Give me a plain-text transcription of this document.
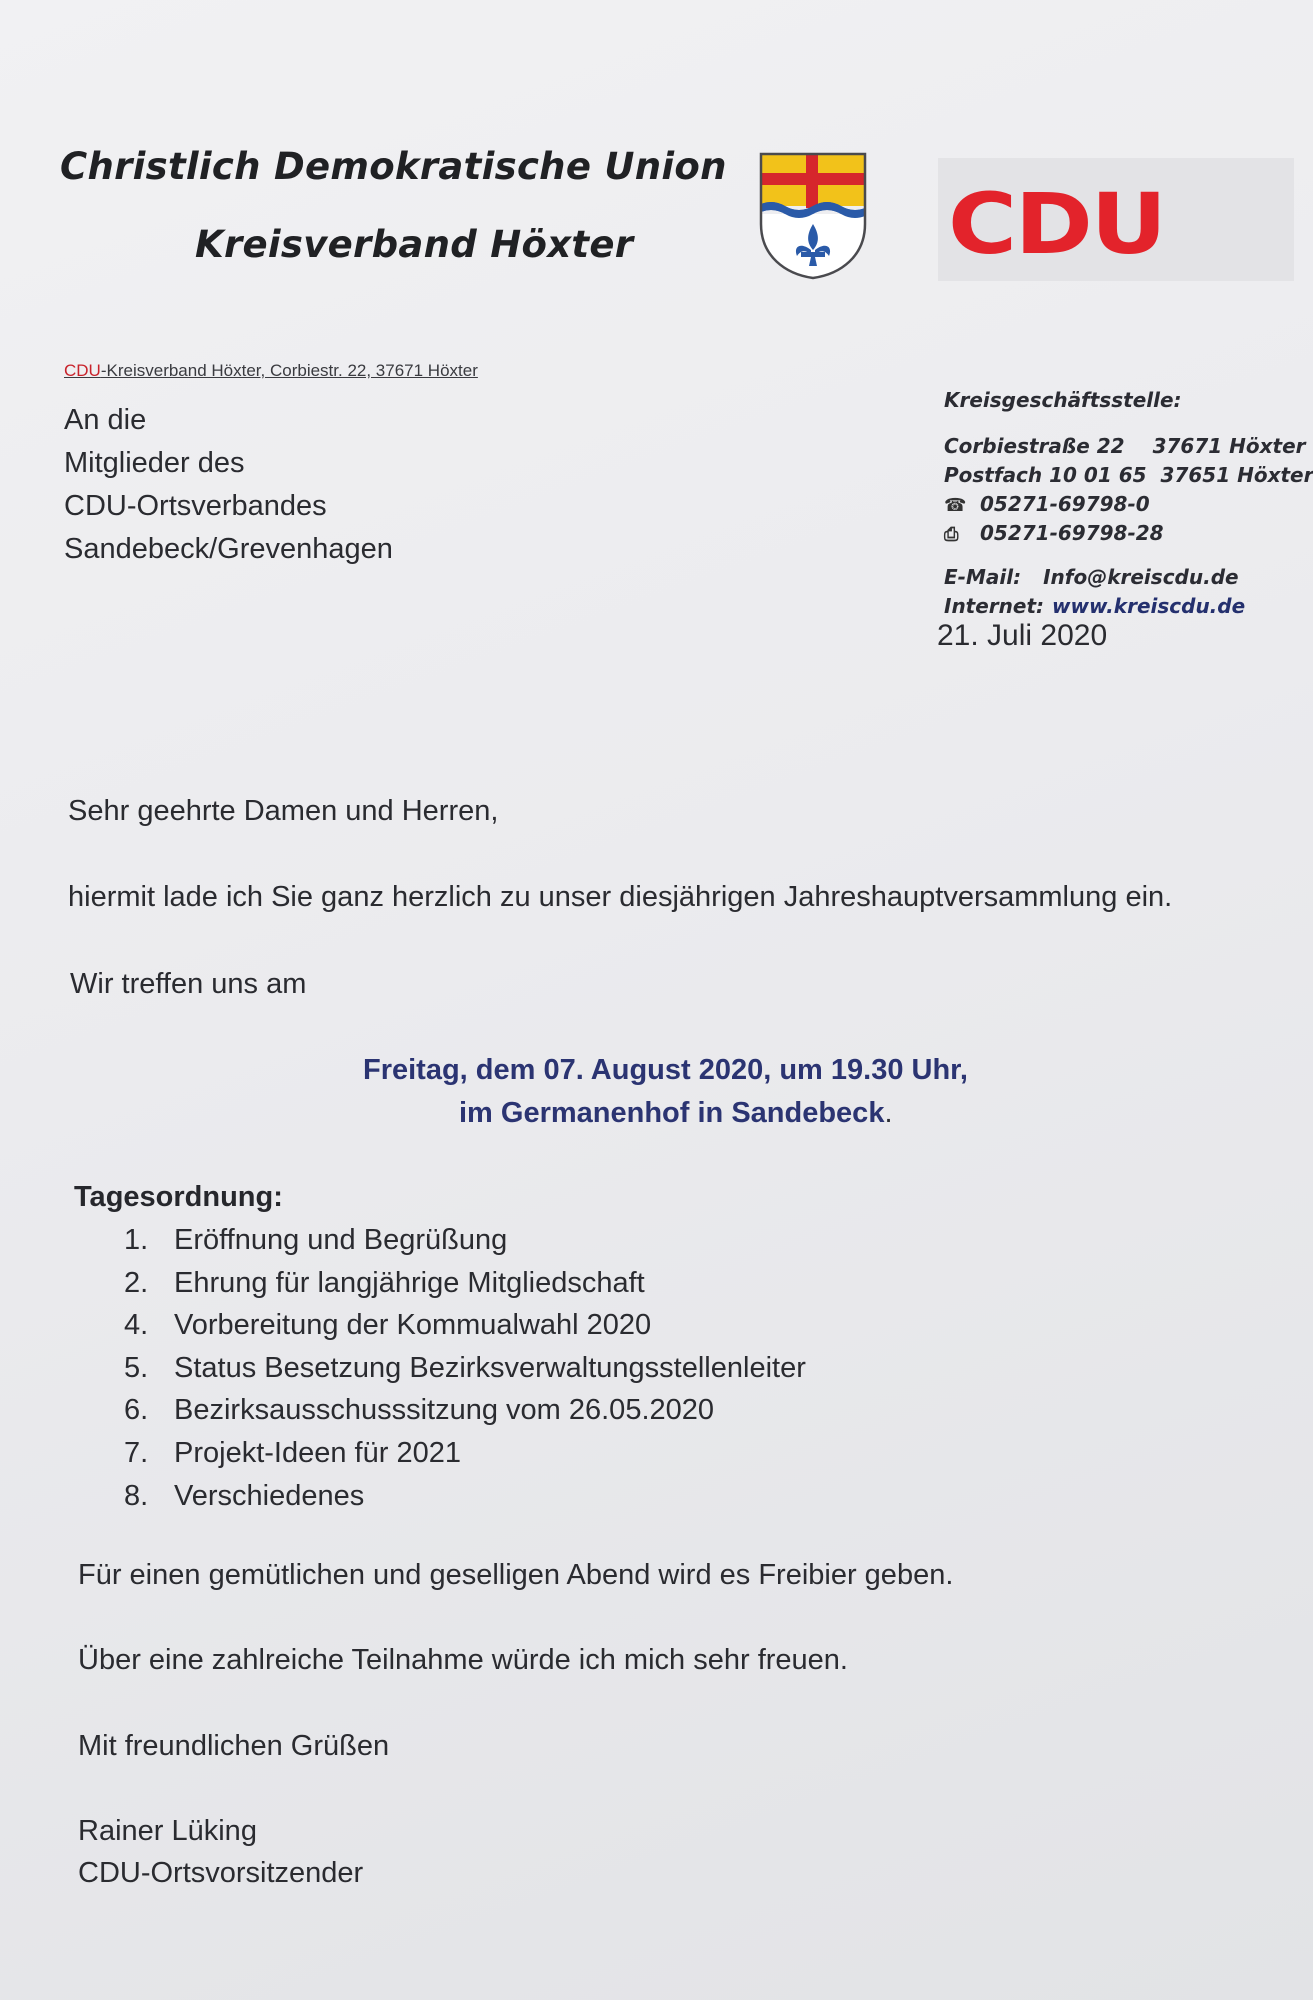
Christlich Demokratische Union
Kreisverband Höxter	CDU
CDU-Kreisverband Höxter, Corbiestr. 22, 37671 Höxter
An die
Mitglieder des
CDU-Ortsverbandes
Sandebeck/Grevenhagen
Kreisgeschäftsstelle:
Corbiestraße 22 37671 Höxter
Postfach 10 01 65 37651 Höxter
☎ 05271-69798-0
⎙ 05271-69798-28
E-Mail: Info@kreiscdu.de
Internet: www.kreiscdu.de
21. Juli 2020
Sehr geehrte Damen und Herren,
hiermit lade ich Sie ganz herzlich zu unser diesjährigen Jahreshauptversammlung ein.
Wir treffen uns am
Freitag, dem 07. August 2020, um 19.30 Uhr,
im Germanenhof in Sandebeck.
Tagesordnung:
1. Eröffnung und Begrüßung
2. Ehrung für langjährige Mitgliedschaft
4. Vorbereitung der Kommualwahl 2020
5. Status Besetzung Bezirksverwaltungsstellenleiter
6. Bezirksausschusssitzung vom 26.05.2020
7. Projekt-Ideen für 2021
8. Verschiedenes
Für einen gemütlichen und geselligen Abend wird es Freibier geben.
Über eine zahlreiche Teilnahme würde ich mich sehr freuen.
Mit freundlichen Grüßen
Rainer Lüking
CDU-Ortsvorsitzender
